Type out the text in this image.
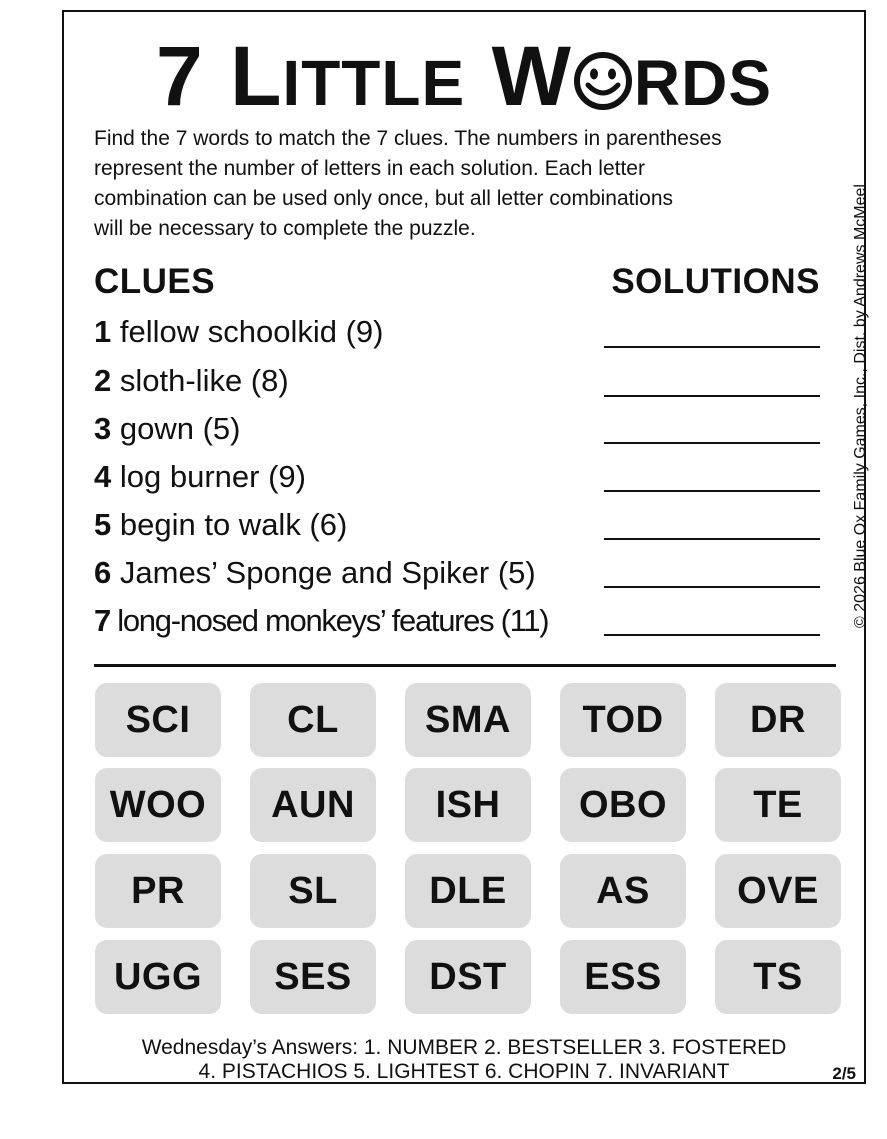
7 LITTLE W RDS
Find the 7 words to match the 7 clues. The numbers in parentheses
represent the number of letters in each solution. Each letter
combination can be used only once, but all letter combinations
will be necessary to complete the puzzle.
CLUES	SOLUTIONS
1 fellow schoolkid (9)
2 sloth-like (8)
3 gown (5)
4 log burner (9)
5 begin to walk (6)
6 James’ Sponge and Spiker (5)
7 long-nosed monkeys’ features (11)
SCI	CL	SMA	TOD	DR
WOO	AUN	ISH	OBO	TE
PR	SL	DLE	AS	OVE
UGG	SES	DST	ESS	TS
Wednesday’s Answers: 1. NUMBER 2. BESTSELLER 3. FOSTERED
4. PISTACHIOS 5. LIGHTEST 6. CHOPIN 7. INVARIANT	2/5
© 2026 Blue Ox Family Games, Inc., Dist. by Andrews McMeel
